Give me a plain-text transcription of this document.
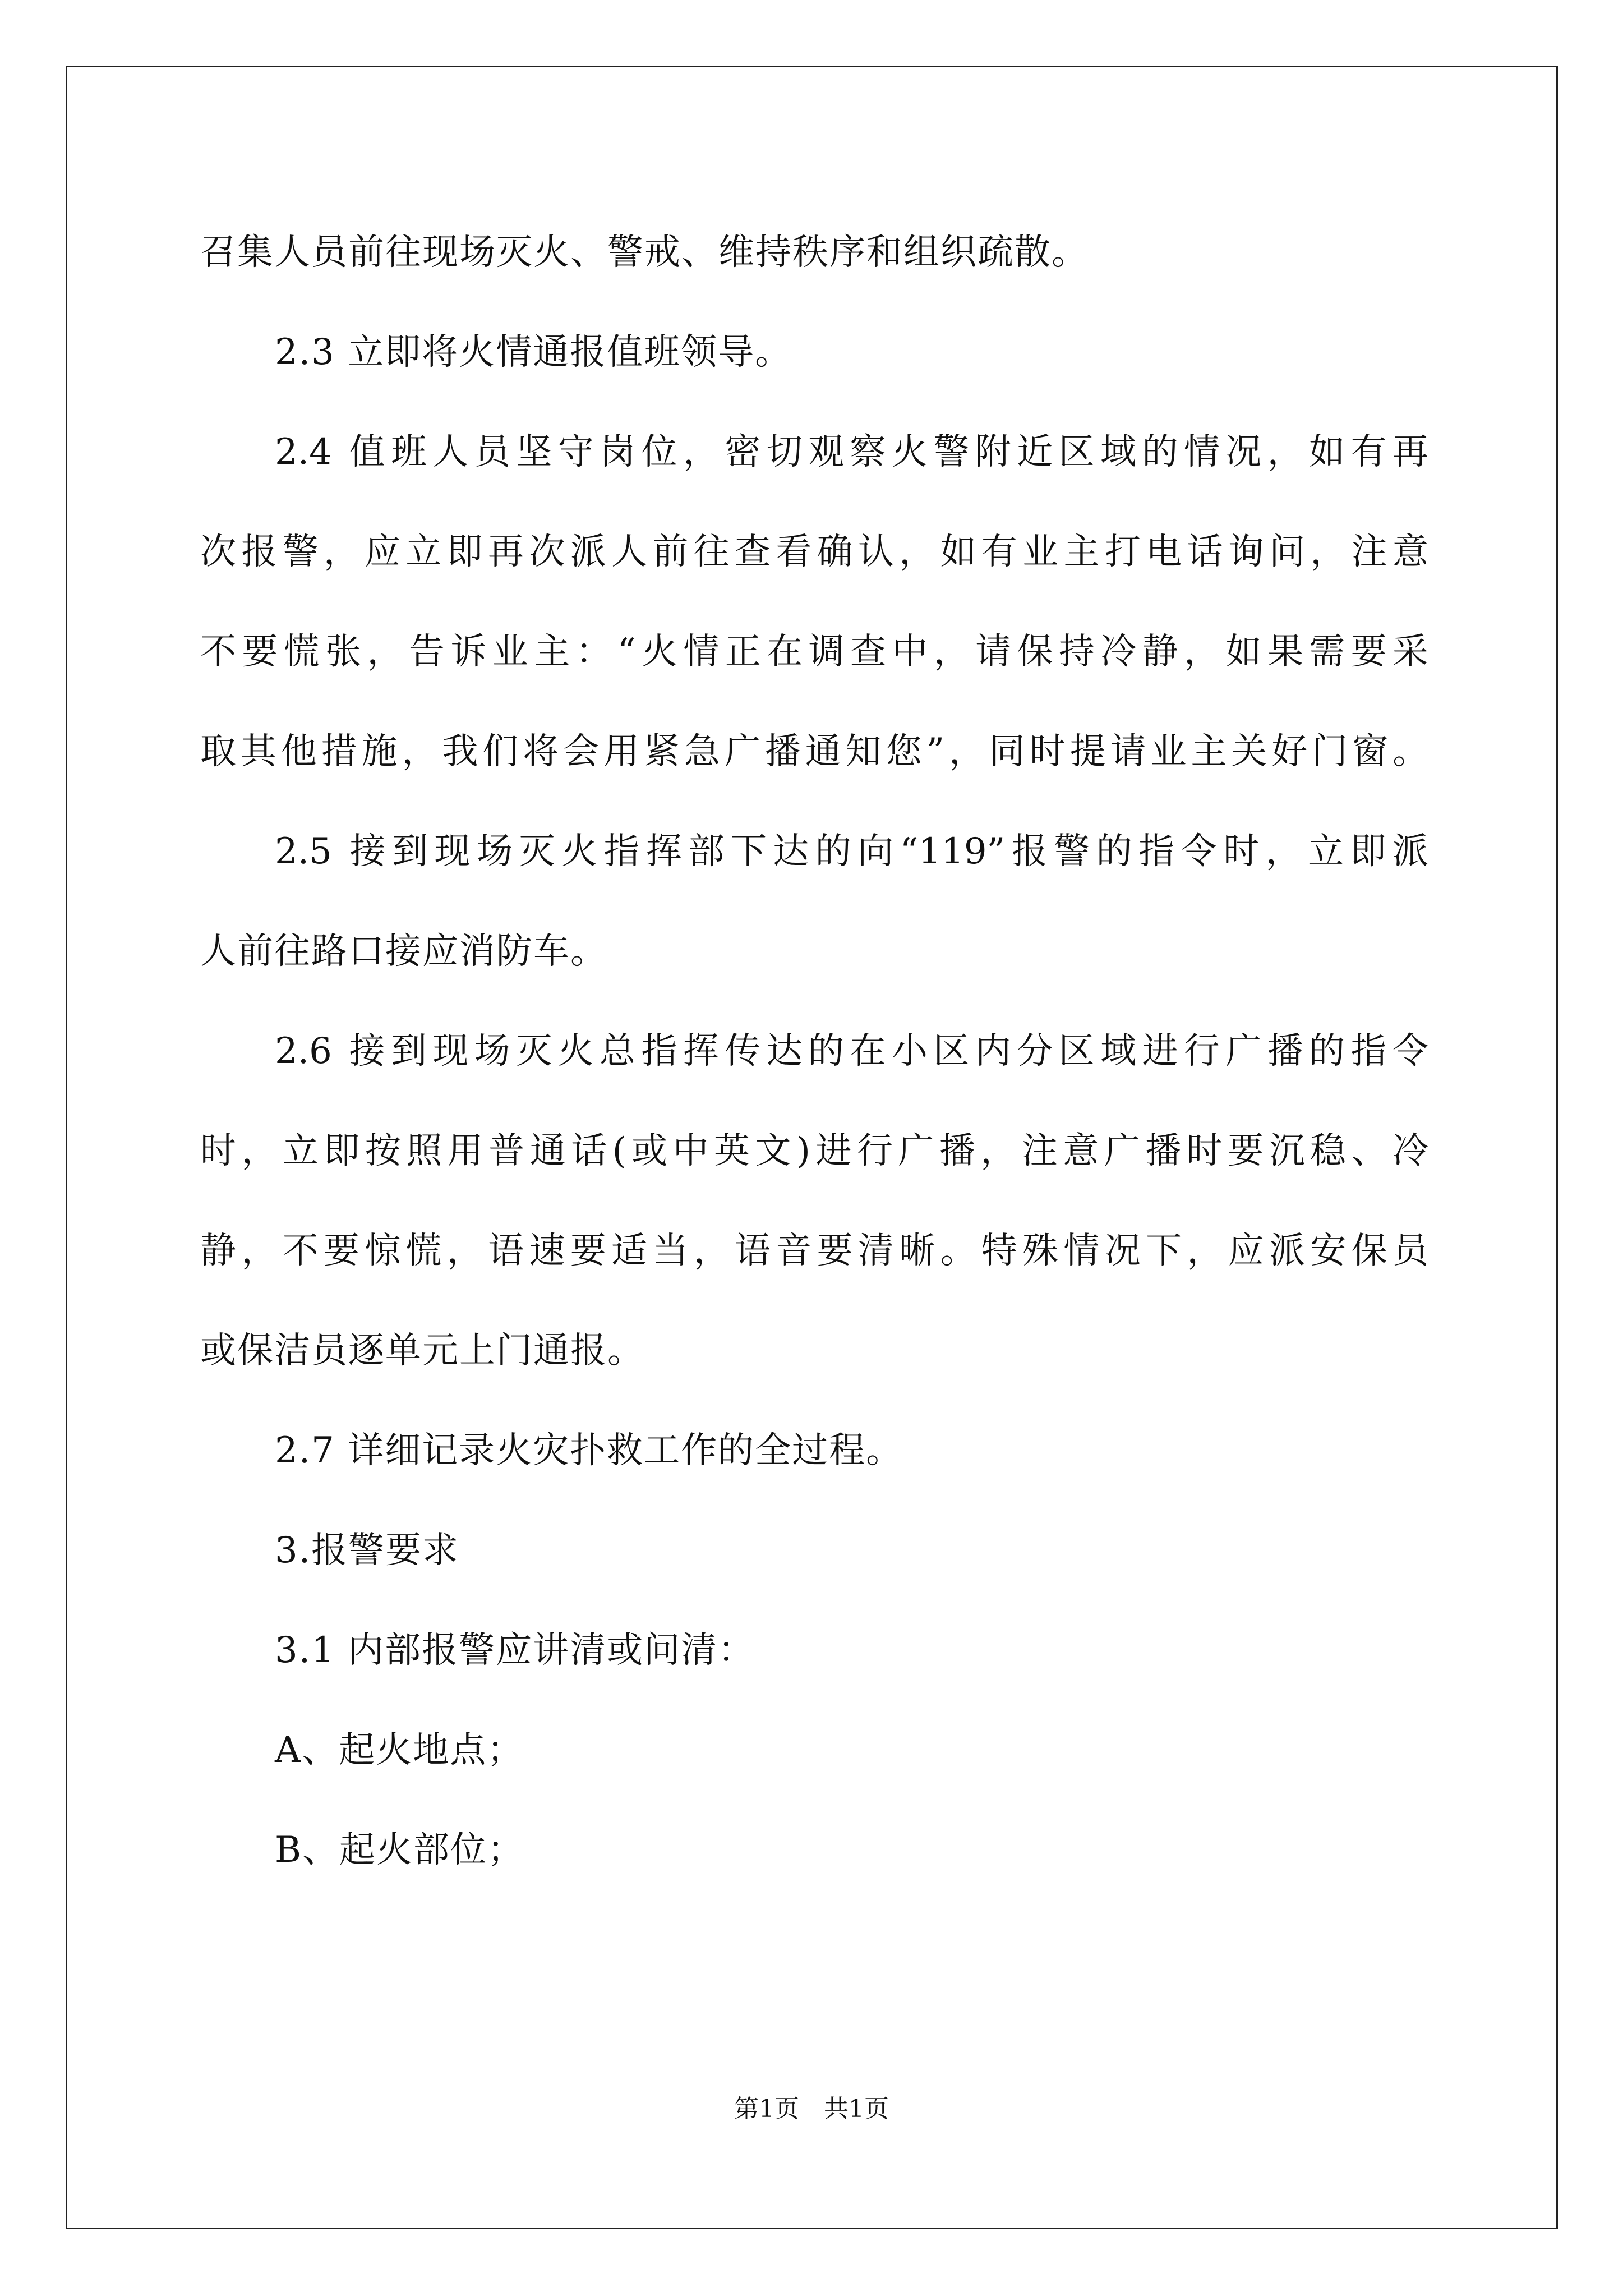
召集人员前往现场灭火、警戒、维持秩序和组织疏散。
2.3 立即将火情通报值班领导。
2.4 值班人员坚守岗位，密切观察火警附近区域的情况，如有再
次报警，应立即再次派人前往查看确认，如有业主打电话询问，注意
不要慌张，告诉业主：“火情正在调查中，请保持冷静，如果需要采
取其他措施，我们将会用紧急广播通知您”，同时提请业主关好门窗。
2.5 接到现场灭火指挥部下达的向“119”报警的指令时，立即派
人前往路口接应消防车。
2.6 接到现场灭火总指挥传达的在小区内分区域进行广播的指令
时，立即按照用普通话(或中英文)进行广播，注意广播时要沉稳、冷
静，不要惊慌，语速要适当，语音要清晰。特殊情况下，应派安保员
或保洁员逐单元上门通报。
2.7 详细记录火灾扑救工作的全过程。
3.报警要求
3.1 内部报警应讲清或问清：
A、起火地点；
B、起火部位；
第1页　共1页
